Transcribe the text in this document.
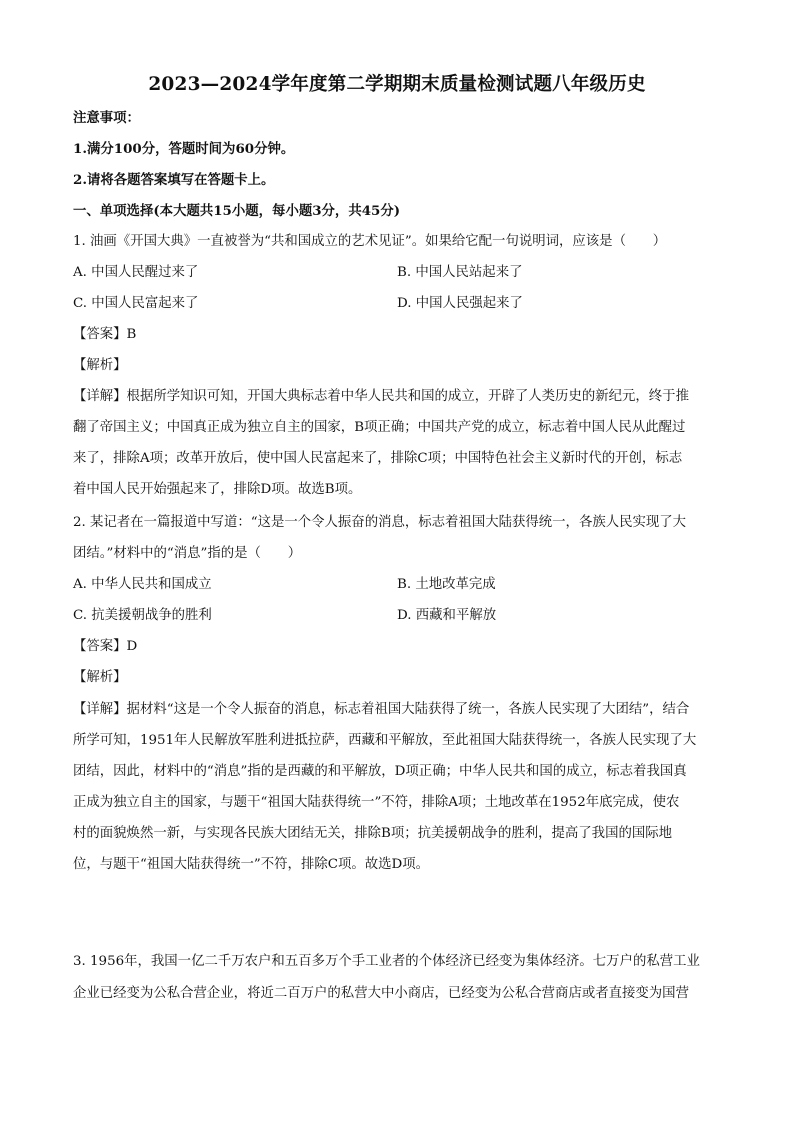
2023—2024学年度第二学期期末质量检测试题八年级历史
注意事项：
1.满分100分，答题时间为60分钟。
2.请将各题答案填写在答题卡上。
一、单项选择(本大题共15小题，每小题3分，共45分)
1. 油画《开国大典》一直被誉为“共和国成立的艺术见证”。如果给它配一句说明词，应该是（　　）
A. 中国人民醒过来了	B. 中国人民站起来了
C. 中国人民富起来了	D. 中国人民强起来了
【答案】B
【解析】
【详解】根据所学知识可知，开国大典标志着中华人民共和国的成立，开辟了人类历史的新纪元，终于推
翻了帝国主义；中国真正成为独立自主的国家，B项正确；中国共产党的成立，标志着中国人民从此醒过
来了，排除A项；改革开放后，使中国人民富起来了，排除C项；中国特色社会主义新时代的开创，标志
着中国人民开始强起来了，排除D项。故选B项。
2. 某记者在一篇报道中写道：“这是一个令人振奋的消息，标志着祖国大陆获得统一，各族人民实现了大
团结。”材料中的“消息”指的是（　　）
A. 中华人民共和国成立	B. 土地改革完成
C. 抗美援朝战争的胜利	D. 西藏和平解放
【答案】D
【解析】
【详解】据材料“这是一个令人振奋的消息，标志着祖国大陆获得了统一，各族人民实现了大团结”，结合
所学可知，1951年人民解放军胜利进抵拉萨，西藏和平解放，至此祖国大陆获得统一，各族人民实现了大
团结，因此，材料中的“消息”指的是西藏的和平解放，D项正确；中华人民共和国的成立，标志着我国真
正成为独立自主的国家，与题干“祖国大陆获得统一”不符，排除A项；土地改革在1952年底完成，使农
村的面貌焕然一新，与实现各民族大团结无关，排除B项；抗美援朝战争的胜利，提高了我国的国际地
位，与题干“祖国大陆获得统一”不符，排除C项。故选D项。
3. 1956年，我国一亿二千万农户和五百多万个手工业者的个体经济已经变为集体经济。七万户的私营工业
企业已经变为公私合营企业，将近二百万户的私营大中小商店，已经变为公私合营商店或者直接变为国营
